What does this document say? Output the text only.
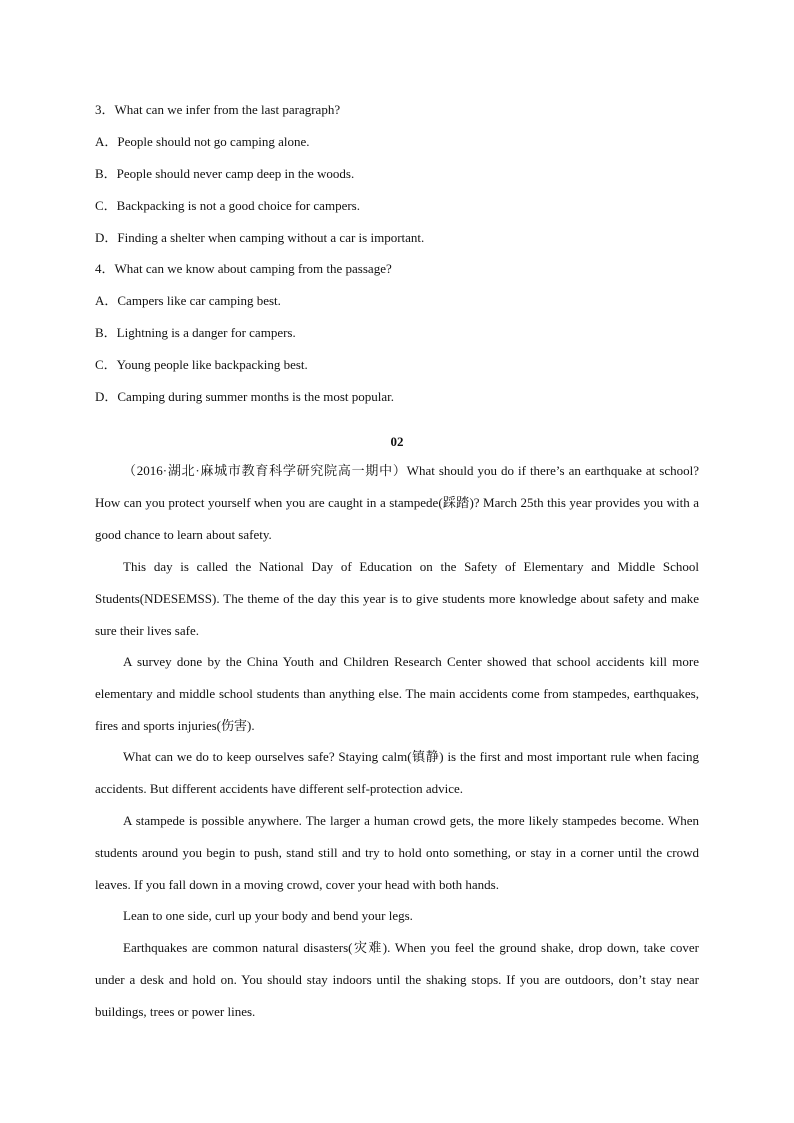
3．What can we infer from the last paragraph?
A．People should not go camping alone.
B．People should never camp deep in the woods.
C．Backpacking is not a good choice for campers.
D．Finding a shelter when camping without a car is important.
4．What can we know about camping from the passage?
A．Campers like car camping best.
B．Lightning is a danger for campers.
C．Young people like backpacking best.
D．Camping during summer months is the most popular.
02
（2016·湖北·麻城市教育科学研究院高一期中）What should you do if there’s an earthquake at school? How can you protect yourself when you are caught in a stampede(踩踏)? March 25th this year provides you with a good chance to learn about safety.
This day is called the National Day of Education on the Safety of Elementary and Middle School Students(NDESEMSS). The theme of the day this year is to give students more knowledge about safety and make sure their lives safe.
A survey done by the China Youth and Children Research Center showed that school accidents kill more elementary and middle school students than anything else. The main accidents come from stampedes, earthquakes, fires and sports injuries(伤害).
What can we do to keep ourselves safe? Staying calm(镇静) is the first and most important rule when facing accidents. But different accidents have different self-protection advice.
A stampede is possible anywhere. The larger a human crowd gets, the more likely stampedes become. When students around you begin to push, stand still and try to hold onto something, or stay in a corner until the crowd leaves. If you fall down in a moving crowd, cover your head with both hands.
Lean to one side, curl up your body and bend your legs.
Earthquakes are common natural disasters(灾难). When you feel the ground shake, drop down, take cover under a desk and hold on. You should stay indoors until the shaking stops. If you are outdoors, don’t stay near buildings, trees or power lines.
